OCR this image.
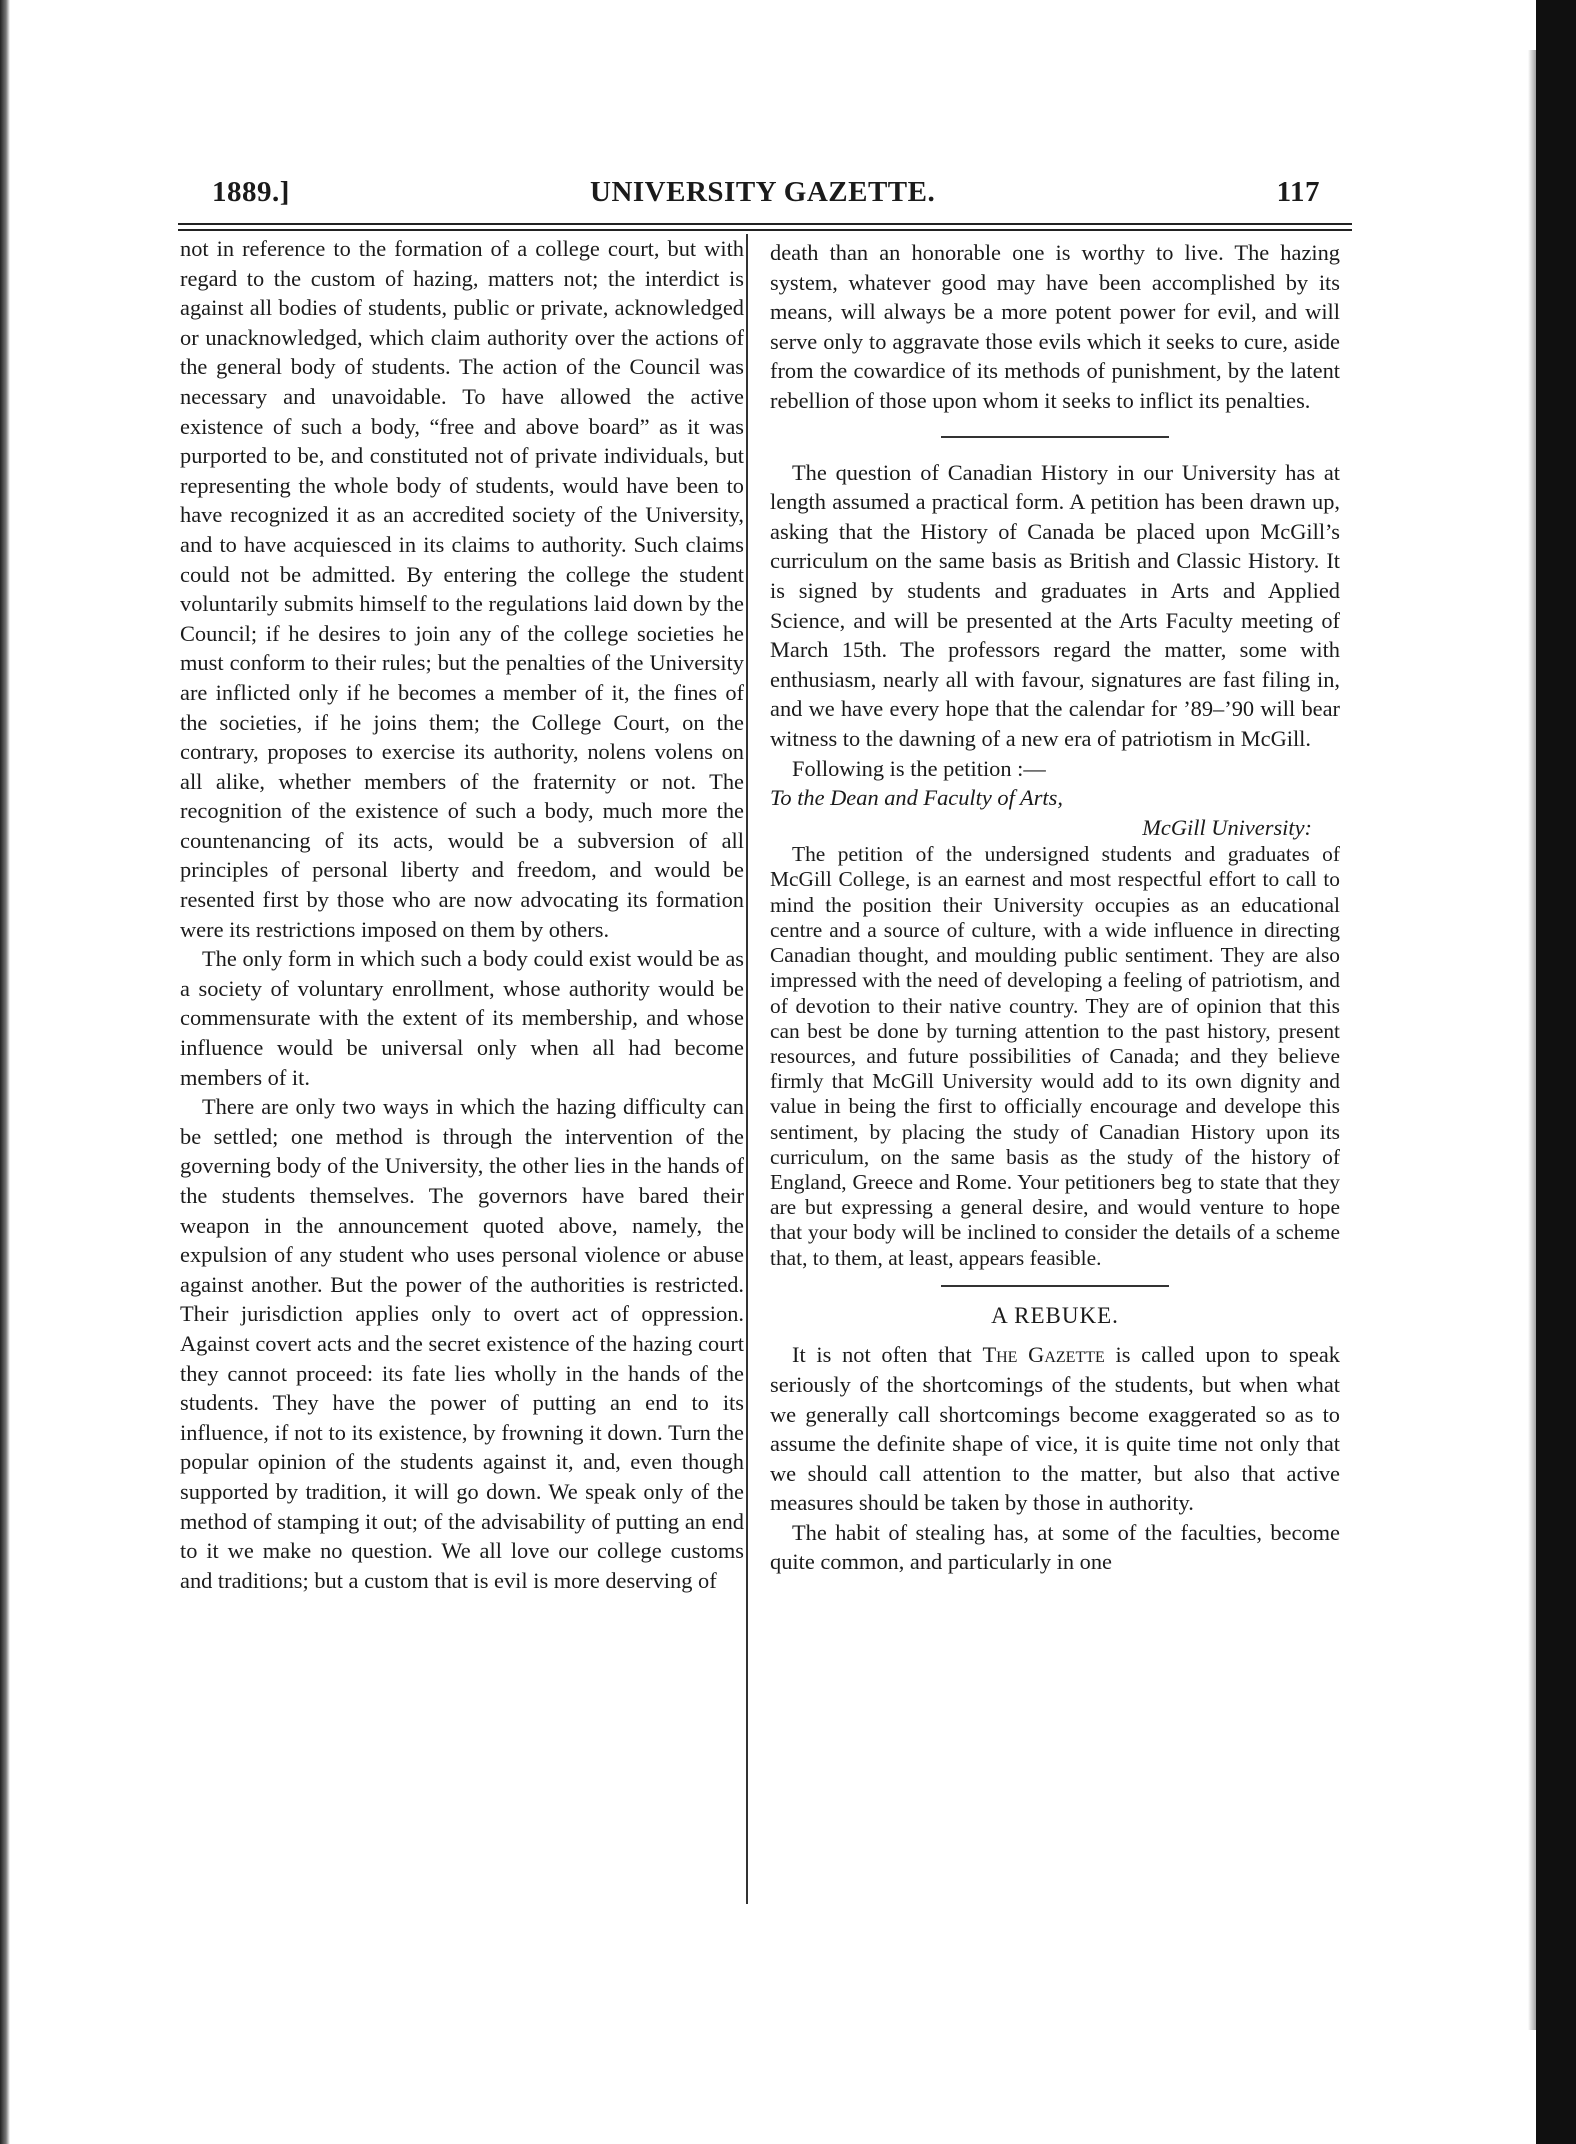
1889.]	UNIVERSITY GAZETTE.	117

not in reference to the formation of a college court, but with regard to the custom of hazing, matters not; the interdict is against all bodies of students, public or private, acknowledged or unacknowledged, which claim authority over the actions of the general body of students. The action of the Council was necessary and unavoidable. To have allowed the active existence of such a body, “free and above board” as it was purported to be, and constituted not of private individuals, but representing the whole body of students, would have been to have recognized it as an accredited society of the University, and to have acquiesced in its claims to authority. Such claims could not be admitted. By entering the college the student voluntarily submits himself to the regulations laid down by the Council; if he desires to join any of the college societies he must conform to their rules; but the penalties of the University are inflicted only if he becomes a member of it, the fines of the societies, if he joins them; the College Court, on the contrary, proposes to exercise its authority, nolens volens on all alike, whether members of the fraternity or not. The recognition of the existence of such a body, much more the countenancing of its acts, would be a subversion of all principles of personal liberty and freedom, and would be resented first by those who are now advocating its formation were its restrictions imposed on them by others.

The only form in which such a body could exist would be as a society of voluntary enrollment, whose authority would be commensurate with the extent of its membership, and whose influence would be universal only when all had become members of it.

There are only two ways in which the hazing difficulty can be settled; one method is through the intervention of the governing body of the University, the other lies in the hands of the students themselves. The governors have bared their weapon in the announcement quoted above, namely, the expulsion of any student who uses personal violence or abuse against another. But the power of the authorities is restricted. Their jurisdiction applies only to overt act of oppression. Against covert acts and the secret existence of the hazing court they cannot proceed: its fate lies wholly in the hands of the students. They have the power of putting an end to its influence, if not to its existence, by frowning it down. Turn the popular opinion of the students against it, and, even though supported by tradition, it will go down. We speak only of the method of stamping it out; of the advisability of putting an end to it we make no question. We all love our college customs and traditions; but a custom that is evil is more deserving of

death than an honorable one is worthy to live. The hazing system, whatever good may have been accomplished by its means, will always be a more potent power for evil, and will serve only to aggravate those evils which it seeks to cure, aside from the cowardice of its methods of punishment, by the latent rebellion of those upon whom it seeks to inflict its penalties.

The question of Canadian History in our University has at length assumed a practical form. A petition has been drawn up, asking that the History of Canada be placed upon McGill’s curriculum on the same basis as British and Classic History. It is signed by students and graduates in Arts and Applied Science, and will be presented at the Arts Faculty meeting of March 15th. The professors regard the matter, some with enthusiasm, nearly all with favour, signatures are fast filing in, and we have every hope that the calendar for ’89–’90 will bear witness to the dawning of a new era of patriotism in McGill.

Following is the petition :—

To the Dean and Faculty of Arts,

McGill University:

The petition of the undersigned students and graduates of McGill College, is an earnest and most respectful effort to call to mind the position their University occupies as an educational centre and a source of culture, with a wide influence in directing Canadian thought, and moulding public sentiment. They are also impressed with the need of developing a feeling of patriotism, and of devotion to their native country. They are of opinion that this can best be done by turning attention to the past history, present resources, and future possibilities of Canada; and they believe firmly that McGill University would add to its own dignity and value in being the first to officially encourage and develope this sentiment, by placing the study of Canadian History upon its curriculum, on the same basis as the study of the history of England, Greece and Rome. Your petitioners beg to state that they are but expressing a general desire, and would venture to hope that your body will be inclined to consider the details of a scheme that, to them, at least, appears feasible.

A REBUKE.

It is not often that The Gazette is called upon to speak seriously of the shortcomings of the students, but when what we generally call shortcomings become exaggerated so as to assume the definite shape of vice, it is quite time not only that we should call attention to the matter, but also that active measures should be taken by those in authority.

The habit of stealing has, at some of the faculties, become quite common, and particularly in one
